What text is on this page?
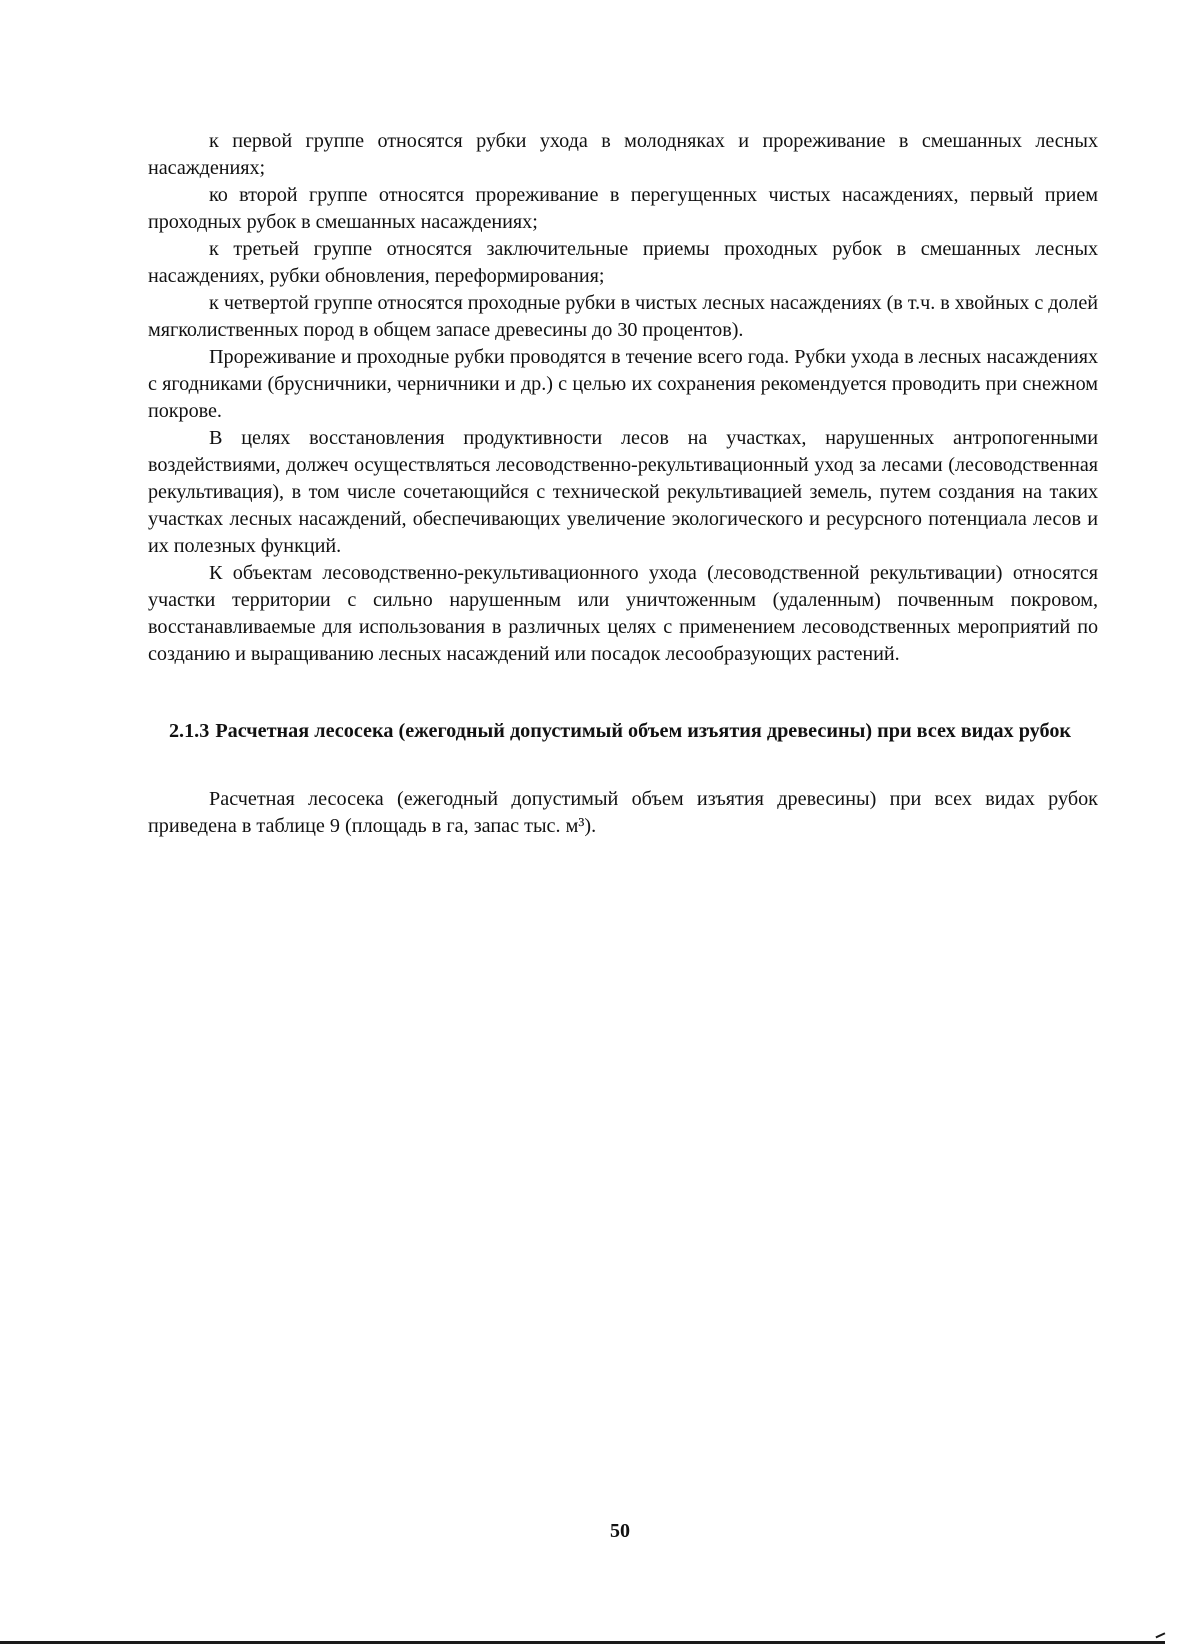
к первой группе относятся рубки ухода в молодняках и прореживание в смешанных лесных насаждениях;

ко второй группе относятся прореживание в перегущенных чистых насаждениях, первый прием проходных рубок в смешанных насаждениях;

к третьей группе относятся заключительные приемы проходных рубок в смешанных лесных насаждениях, рубки обновления, переформирования;

к четвертой группе относятся проходные рубки в чистых лесных насаждениях (в т.ч. в хвойных с долей мягколиственных пород в общем запасе древесины до 30 процентов).

Прореживание и проходные рубки проводятся в течение всего года. Рубки ухода в лесных насаждениях с ягодниками (брусничники, черничники и др.) с целью их сохранения рекомендуется проводить при снежном покрове.

В целях восстановления продуктивности лесов на участках, нарушенных антропогенными воздействиями, должеч осуществляться лесоводственно-рекультивационный уход за лесами (лесоводственная рекультивация), в том числе сочетающийся с технической рекультивацией земель, путем создания на таких участках лесных насаждений, обеспечивающих увеличение экологического и ресурсного потенциала лесов и их полезных функций.

К объектам лесоводственно-рекультивационного ухода (лесоводственной рекультивации) относятся участки территории с сильно нарушенным или уничтоженным (удаленным) почвенным покровом, восстанавливаемые для использования в различных целях с применением лесоводственных мероприятий по созданию и выращиванию лесных насаждений или посадок лесообразующих растений.

2.1.3 Расчетная лесосека (ежегодный допустимый объем изъятия древесины) при всех видах рубок

Расчетная лесосека (ежегодный допустимый объем изъятия древесины) при всех видах рубок приведена в таблице 9 (площадь в га, запас тыс. м³).

50
